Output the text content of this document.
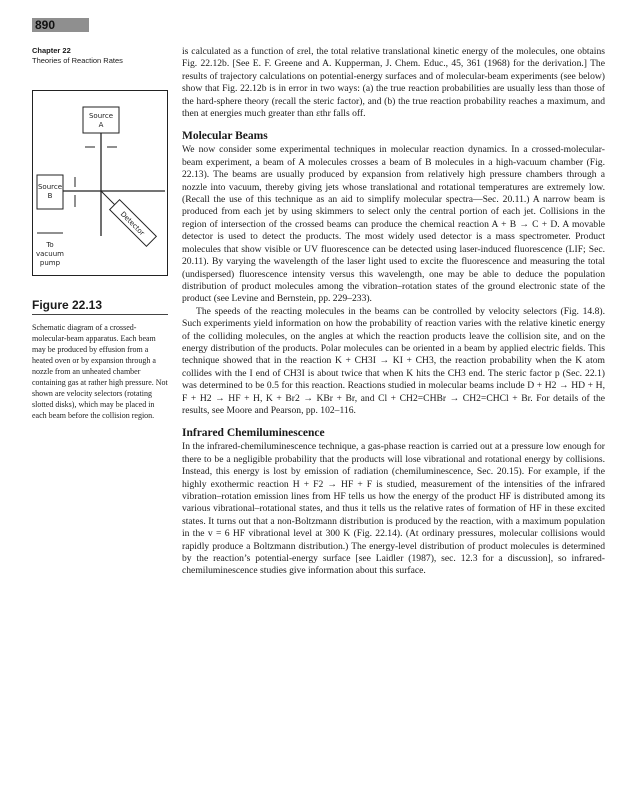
890
Chapter 22
Theories of Reaction Rates
Source
A
Source
B
Detector
To
vacuum
pump
Figure 22.13
Schematic diagram of a crossed-molecular-beam apparatus. Each beam may be produced by effusion from a heated oven or by expansion through a nozzle from an unheated chamber containing gas at rather high pressure. Not shown are velocity selectors (rotating slotted disks), which may be placed in each beam before the collision region.

is calculated as a function of εrel, the total relative translational kinetic energy of the molecules, one obtains Fig. 22.12b. [See E. F. Greene and A. Kupperman, J. Chem. Educ., 45, 361 (1968) for the derivation.] The results of trajectory calculations on potential-energy surfaces and of molecular-beam experiments (see below) show that Fig. 22.12b is in error in two ways: (a) the true reaction probabilities are usually less than those of the hard-sphere theory (recall the steric factor), and (b) the true reaction probability reaches a maximum, and then at energies much greater than εthr falls off.

Molecular Beams

We now consider some experimental techniques in molecular reaction dynamics. In a crossed-molecular-beam experiment, a beam of A molecules crosses a beam of B molecules in a high-vacuum chamber (Fig. 22.13). The beams are usually produced by expansion from relatively high pressure chambers through a nozzle into vacuum, thereby giving jets whose translational and rotational temperatures are extremely low. (Recall the use of this technique as an aid to simplify molecular spectra—Sec. 20.11.) A narrow beam is produced from each jet by using skimmers to select only the central portion of each jet. Collisions in the region of intersection of the crossed beams can produce the chemical reaction A + B → C + D. A movable detector is used to detect the products. The most widely used detector is a mass spectrometer. Product molecules that show visible or UV fluorescence can be detected using laser-induced fluorescence (LIF; Sec. 20.11). By varying the wavelength of the laser light used to excite the fluorescence and measuring the total (undispersed) fluorescence intensity versus this wavelength, one may be able to deduce the population distribution of product molecules among the vibration–rotation states of the ground electronic state of the product (see Levine and Bernstein, pp. 229–233).

The speeds of the reacting molecules in the beams can be controlled by velocity selectors (Fig. 14.8). Such experiments yield information on how the probability of reaction varies with the relative kinetic energy of the colliding molecules, on the angles at which the reaction products leave the collision site, and on the energy distribution of the products. Polar molecules can be oriented in a beam by applied electric fields. This technique showed that in the reaction K + CH3I → KI + CH3, the reaction probability when the K atom collides with the I end of CH3I is about twice that when K hits the CH3 end. The steric factor p (Sec. 22.1) was determined to be 0.5 for this reaction. Reactions studied in molecular beams include D + H2 → HD + H, F + H2 → HF + H, K + Br2 → KBr + Br, and Cl + CH2=CHBr → CH2=CHCl + Br. For details of the results, see Moore and Pearson, pp. 102–116.

Infrared Chemiluminescence

In the infrared-chemiluminescence technique, a gas-phase reaction is carried out at a pressure low enough for there to be a negligible probability that the products will lose vibrational and rotational energy by collisions. Instead, this energy is lost by emission of radiation (chemiluminescence, Sec. 20.15). For example, if the highly exothermic reaction H + F2 → HF + F is studied, measurement of the intensities of the infrared vibration–rotation emission lines from HF tells us how the energy of the product HF is distributed among its various vibrational–rotational states, and thus it tells us the relative rates of formation of HF in these excited states. It turns out that a non-Boltzmann distribution is produced by the reaction, with a maximum population in the v = 6 HF vibrational level at 300 K (Fig. 22.14). (At ordinary pressures, molecular collisions would rapidly produce a Boltzmann distribution.) The energy-level distribution of product molecules is determined by the reaction’s potential-energy surface [see Laidler (1987), sec. 12.3 for a discussion], so infrared-chemiluminescence studies give information about this surface.
